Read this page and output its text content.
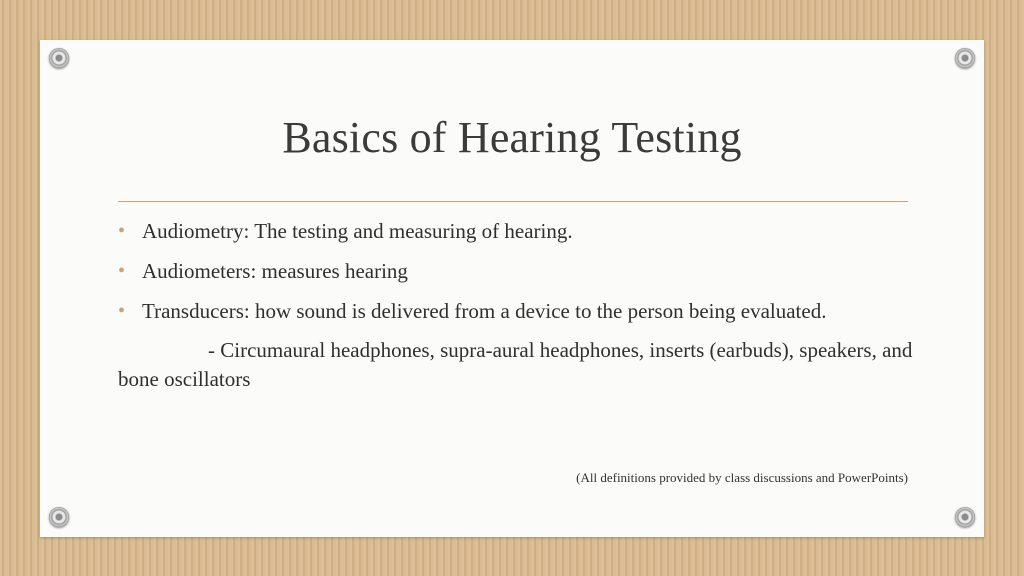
Basics of Hearing Testing
• Audiometry: The testing and measuring of hearing.
• Audiometers: measures hearing
• Transducers: how sound is delivered from a device to the person being evaluated.
- Circumaural headphones, supra-aural headphones, inserts (earbuds), speakers, and bone oscillators
(All definitions provided by class discussions and PowerPoints)
